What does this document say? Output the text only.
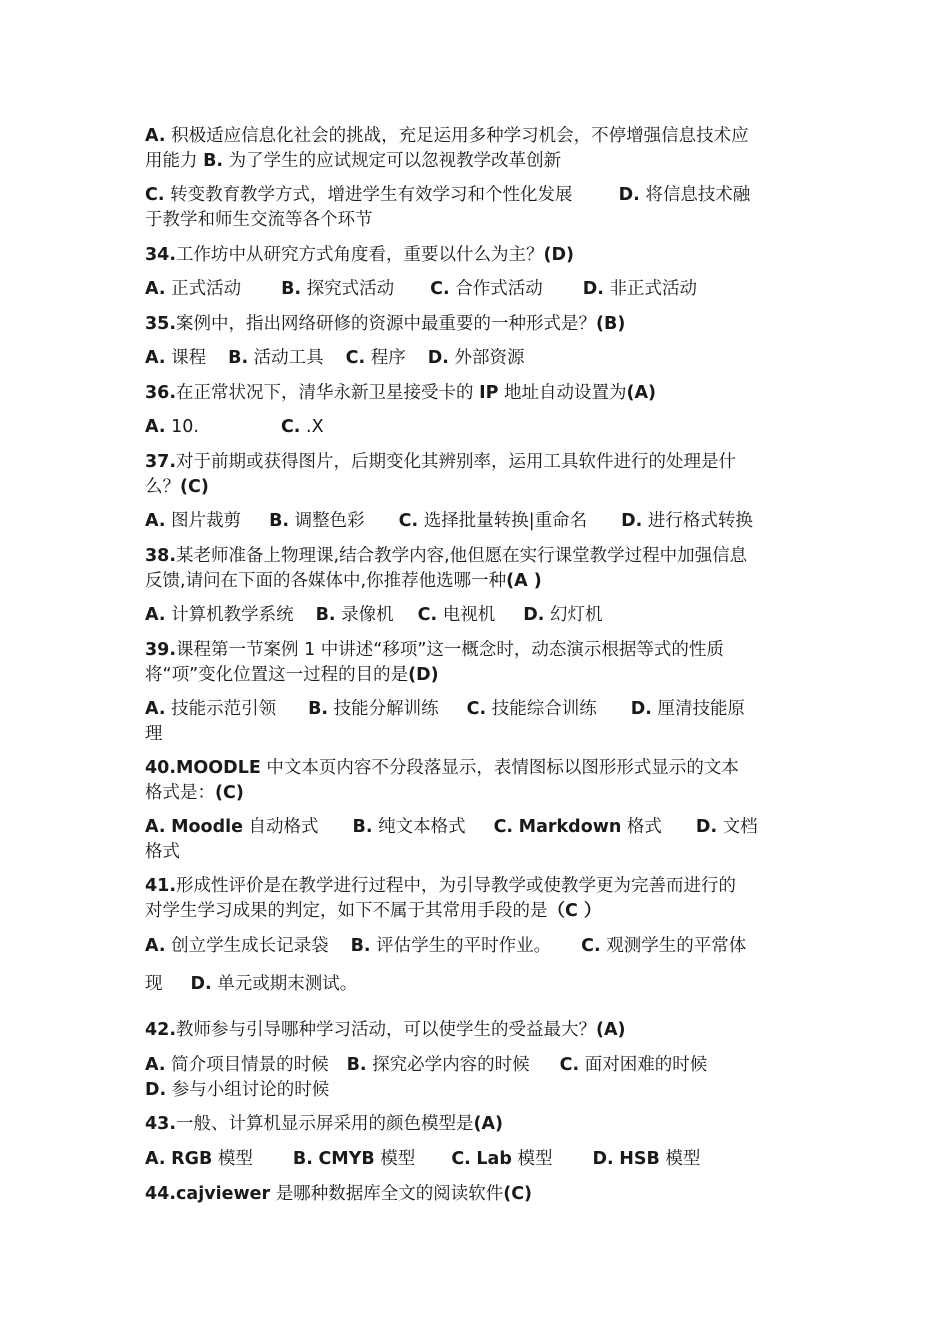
A. 积极适应信息化社会的挑战，充足运用多种学习机会，不停增强信息技术应
用能力 B. 为了学生的应试规定可以忽视教学改革创新

C. 转变教育教学方式，增进学生有效学习和个性化发展	D. 将信息技术融
于教学和师生交流等各个环节

34.工作坊中从研究方式角度看，重要以什么为主？(D)

A. 正式活动 B. 探究式活动 C. 合作式活动 D. 非正式活动

35.案例中，指出网络研修的资源中最重要的一种形式是？(B)

A. 课程 B. 活动工具 C. 程序 D. 外部资源

36.在正常状况下，清华永新卫星接受卡的 IP 地址自动设置为(A)

A. 10.	C. .X

37.对于前期或获得图片，后期变化其辨别率，运用工具软件进行的处理是什
么？(C)

A. 图片裁剪 B. 调整色彩 C. 选择批量转换|重命名 D. 进行格式转换

38.某老师准备上物理课,结合教学内容,他但愿在实行课堂教学过程中加强信息
反馈,请问在下面的各媒体中,你推荐他选哪一种(A )

A. 计算机教学系统 B. 录像机 C. 电视机 D. 幻灯机

39.课程第一节案例 1 中讲述“移项”这一概念时，动态演示根据等式的性质
将“项”变化位置这一过程的目的是(D)

A. 技能示范引领 B. 技能分解训练 C. 技能综合训练 D. 厘清技能原
理

40.MOODLE 中文本页内容不分段落显示，表情图标以图形形式显示的文本
格式是：(C)

A. Moodle 自动格式 B. 纯文本格式 C. Markdown 格式 D. 文档
格式

41.形成性评价是在教学进行过程中，为引导教学或使教学更为完善而进行的
对学生学习成果的判定，如下不属于其常用手段的是（C ）

A. 创立学生成长记录袋 B. 评估学生的平时作业。 C. 观测学生的平常体

现 D. 单元或期末测试。

42.教师参与引导哪种学习活动，可以使学生的受益最大？(A)

A. 简介项目情景的时候 B. 探究必学内容的时候 C. 面对困难的时候
D. 参与小组讨论的时候

43.一般、计算机显示屏采用的颜色模型是(A)

A. RGB 模型 B. CMYB 模型 C. Lab 模型 D. HSB 模型

44.cajviewer 是哪种数据库全文的阅读软件(C)
